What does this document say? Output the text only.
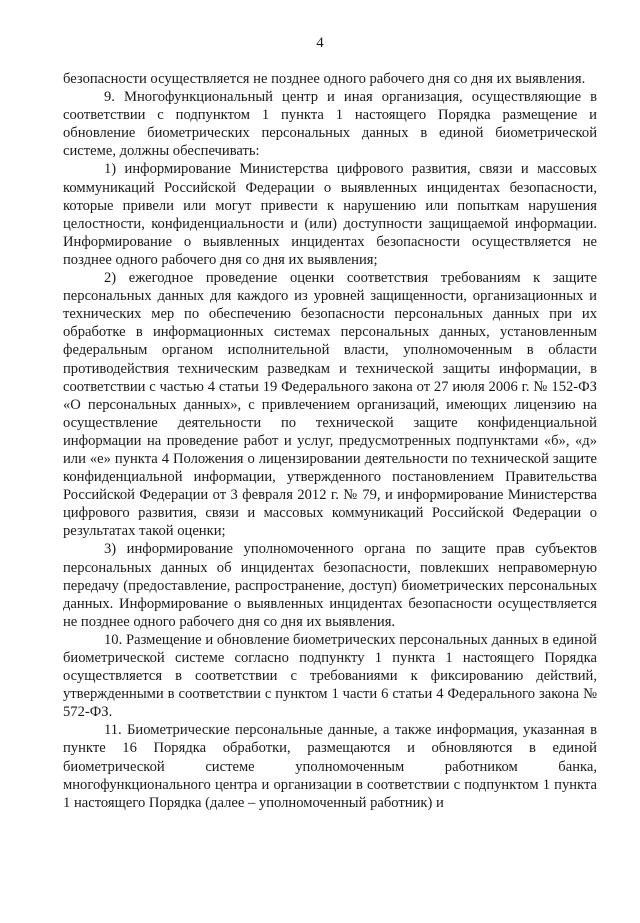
4

безопасности осуществляется не позднее одного рабочего дня со дня их выявления.

9. Многофункциональный центр и иная организация, осуществляющие в соответствии с подпунктом 1 пункта 1 настоящего Порядка размещение и обновление биометрических персональных данных в единой биометрической системе, должны обеспечивать:

1) информирование Министерства цифрового развития, связи и массовых коммуникаций Российской Федерации о выявленных инцидентах безопасности, которые привели или могут привести к нарушению или попыткам нарушения целостности, конфиденциальности и (или) доступности защищаемой информации. Информирование о выявленных инцидентах безопасности осуществляется не позднее одного рабочего дня со дня их выявления;

2) ежегодное проведение оценки соответствия требованиям к защите персональных данных для каждого из уровней защищенности, организационных и технических мер по обеспечению безопасности персональных данных при их обработке в информационных системах персональных данных, установленным федеральным органом исполнительной власти, уполномоченным в области противодействия техническим разведкам и технической защиты информации, в соответствии с частью 4 статьи 19 Федерального закона от 27 июля 2006 г. № 152-ФЗ «О персональных данных», с привлечением организаций, имеющих лицензию на осуществление деятельности по технической защите конфиденциальной информации на проведение работ и услуг, предусмотренных подпунктами «б», «д» или «е» пункта 4 Положения о лицензировании деятельности по технической защите конфиденциальной информации, утвержденного постановлением Правительства Российской Федерации от 3 февраля 2012 г. № 79, и информирование Министерства цифрового развития, связи и массовых коммуникаций Российской Федерации о результатах такой оценки;

3) информирование уполномоченного органа по защите прав субъектов персональных данных об инцидентах безопасности, повлекших неправомерную передачу (предоставление, распространение, доступ) биометрических персональных данных. Информирование о выявленных инцидентах безопасности осуществляется не позднее одного рабочего дня со дня их выявления.

10. Размещение и обновление биометрических персональных данных в единой биометрической системе согласно подпункту 1 пункта 1 настоящего Порядка осуществляется в соответствии с требованиями к фиксированию действий, утвержденными в соответствии с пунктом 1 части 6 статьи 4 Федерального закона № 572-ФЗ.

11. Биометрические персональные данные, а также информация, указанная в пункте 16 Порядка обработки, размещаются и обновляются в единой биометрической системе уполномоченным работником банка, многофункционального центра и организации в соответствии с подпунктом 1 пункта 1 настоящего Порядка (далее – уполномоченный работник) и
